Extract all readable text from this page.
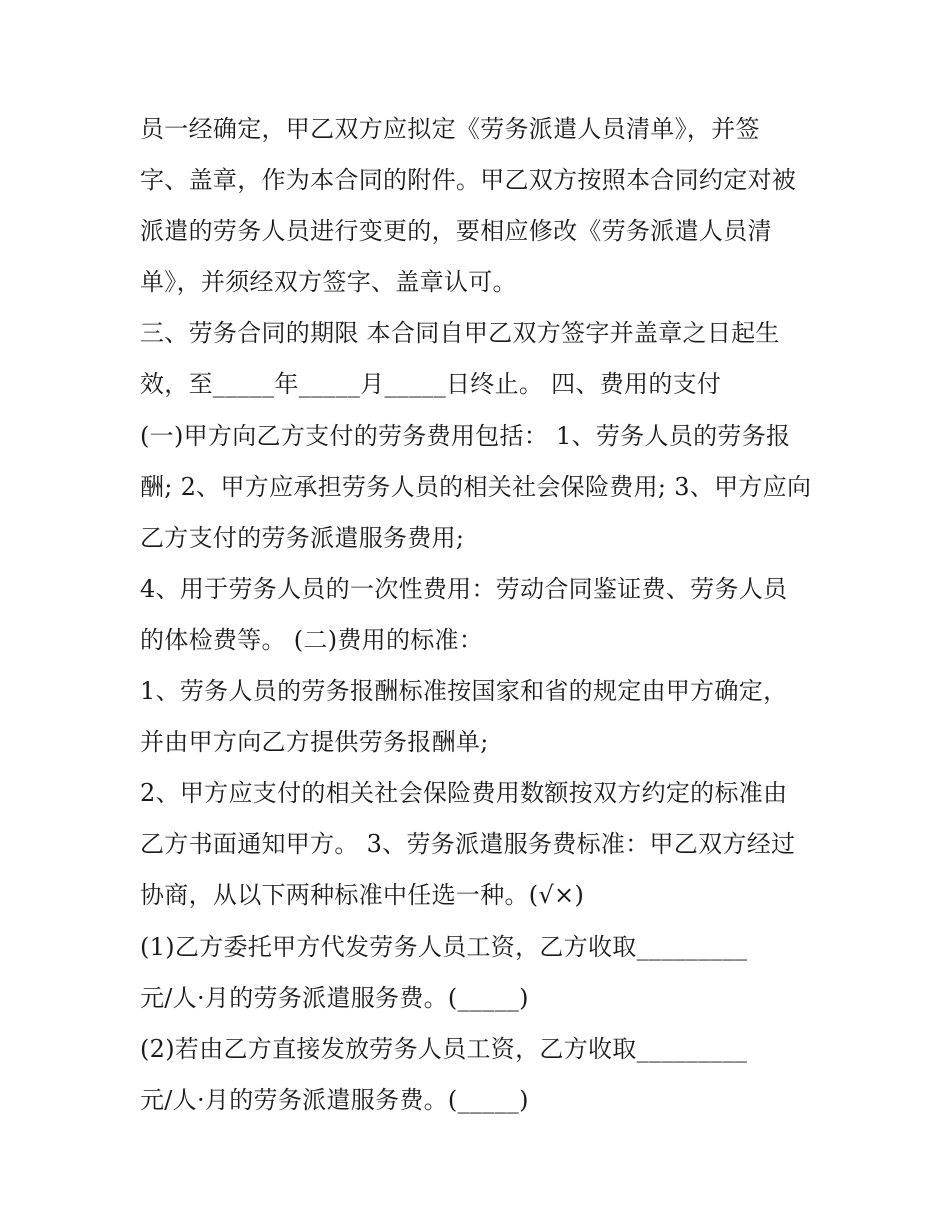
员一经确定，甲乙双方应拟定《劳务派遣人员清单》，并签
字、盖章，作为本合同的附件。甲乙双方按照本合同约定对被
派遣的劳务人员进行变更的，要相应修改《劳务派遣人员清
单》，并须经双方签字、盖章认可。
三、劳务合同的期限 本合同自甲乙双方签字并盖章之日起生
效，至_____年_____月_____日终止。 四、费用的支付
(一)甲方向乙方支付的劳务费用包括： 1、劳务人员的劳务报
酬; 2、甲方应承担劳务人员的相关社会保险费用; 3、甲方应向
乙方支付的劳务派遣服务费用;
4、用于劳务人员的一次性费用：劳动合同鉴证费、劳务人员
的体检费等。 (二)费用的标准：
1、劳务人员的劳务报酬标准按国家和省的规定由甲方确定，
并由甲方向乙方提供劳务报酬单;
2、甲方应支付的相关社会保险费用数额按双方约定的标准由
乙方书面通知甲方。 3、劳务派遣服务费标准：甲乙双方经过
协商，从以下两种标准中任选一种。(√×)
(1)乙方委托甲方代发劳务人员工资，乙方收取_________
元/人·月的劳务派遣服务费。(_____)
(2)若由乙方直接发放劳务人员工资，乙方收取_________
元/人·月的劳务派遣服务费。(_____)
